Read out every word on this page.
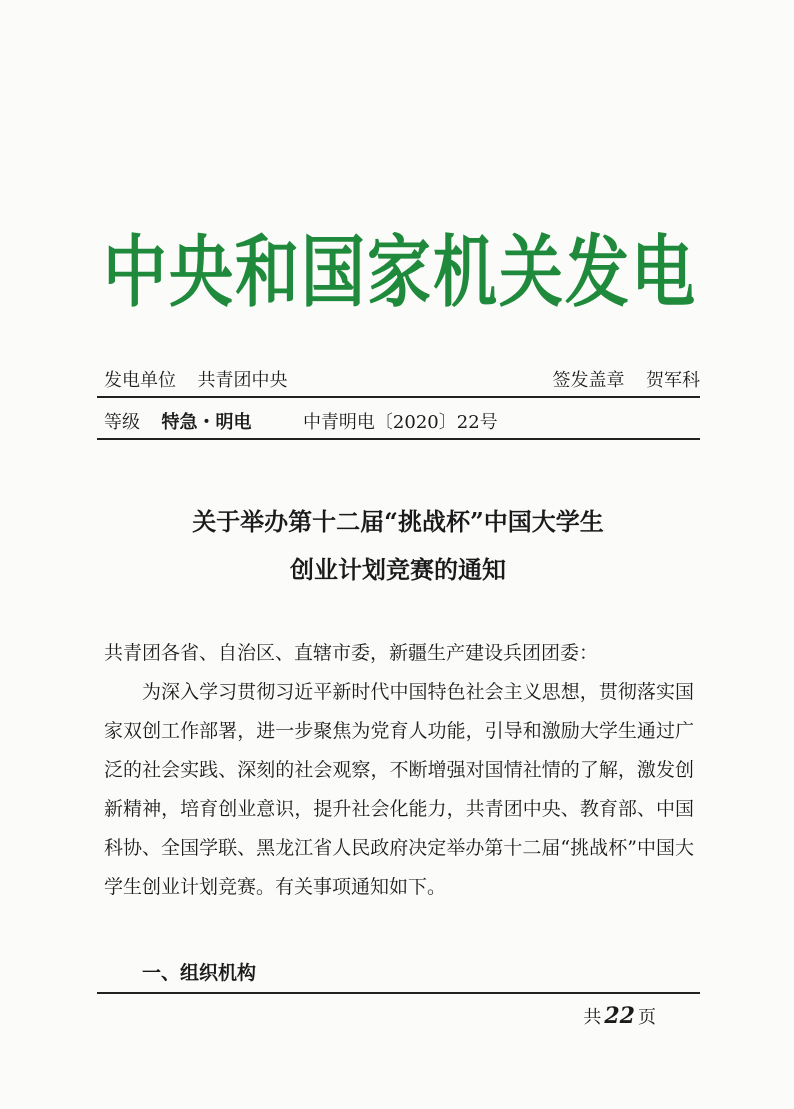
中央和国家机关发电
发电单位 共青团中央	签发盖章 贺军科
等级 特急・明电	中青明电〔2020〕22号
关于举办第十二届“挑战杯”中国大学生
创业计划竞赛的通知
共青团各省、自治区、直辖市委，新疆生产建设兵团团委：
为深入学习贯彻习近平新时代中国特色社会主义思想，贯彻落实国家双创工作部署，进一步聚焦为党育人功能，引导和激励大学生通过广泛的社会实践、深刻的社会观察，不断增强对国情社情的了解，激发创新精神，培育创业意识，提升社会化能力，共青团中央、教育部、中国科协、全国学联、黑龙江省人民政府决定举办第十二届“挑战杯”中国大学生创业计划竞赛。有关事项通知如下。
一、组织机构
共 22 页
